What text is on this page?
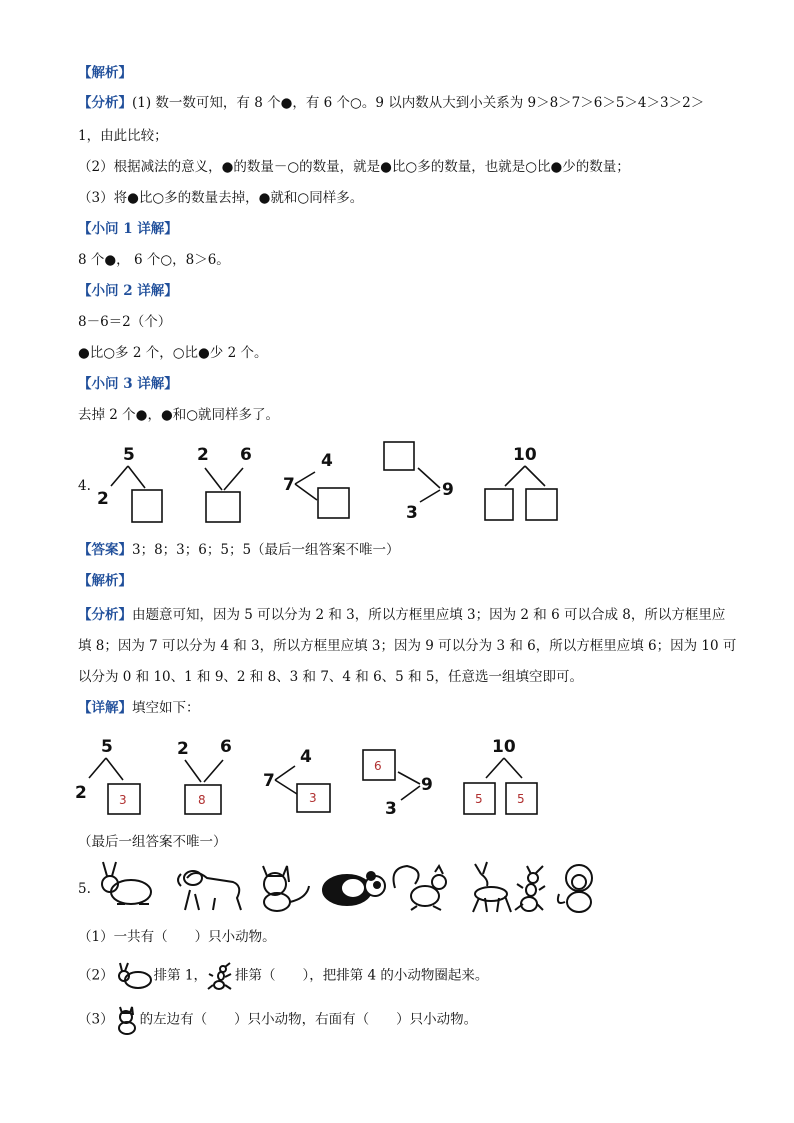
【解析】
【分析】(1) 数一数可知，有 8 个●，有 6 个○。9 以内数从大到小关系为 9＞8＞7＞6＞5＞4＞3＞2＞
1，由此比较；
（2）根据减法的意义，●的数量－○的数量，就是●比○多的数量，也就是○比●少的数量；
（3）将●比○多的数量去掉，●就和○同样多。
【小问 1 详解】
8 个●， 6 个○，8＞6。
【小问 2 详解】
8－6＝2（个）
●比○多 2 个，○比●少 2 个。
【小问 3 详解】
去掉 2 个●，●和○就同样多了。
4.
5
2
2 6	4
7	9
3
10
【答案】3；8；3；6；5；5（最后一组答案不唯一）
【解析】
【分析】由题意可知，因为 5 可以分为 2 和 3，所以方框里应填 3；因为 2 和 6 可以合成 8，所以方框里应
填 8；因为 7 可以分为 4 和 3，所以方框里应填 3；因为 9 可以分为 3 和 6，所以方框里应填 6；因为 10 可
以分为 0 和 10、1 和 9、2 和 8、3 和 7、4 和 6、5 和 5，任意选一组填空即可。
【详解】填空如下：
5
2	3
2 6
8
4
7
3
6
9
3
10
5	5
（最后一组答案不唯一）
5.
（1）一共有（　　）只小动物。
（2）	排第 1， 排第（　　），把排第 4 的小动物圈起来。
（3） 的左边有（　　）只小动物，右面有（　　）只小动物。
